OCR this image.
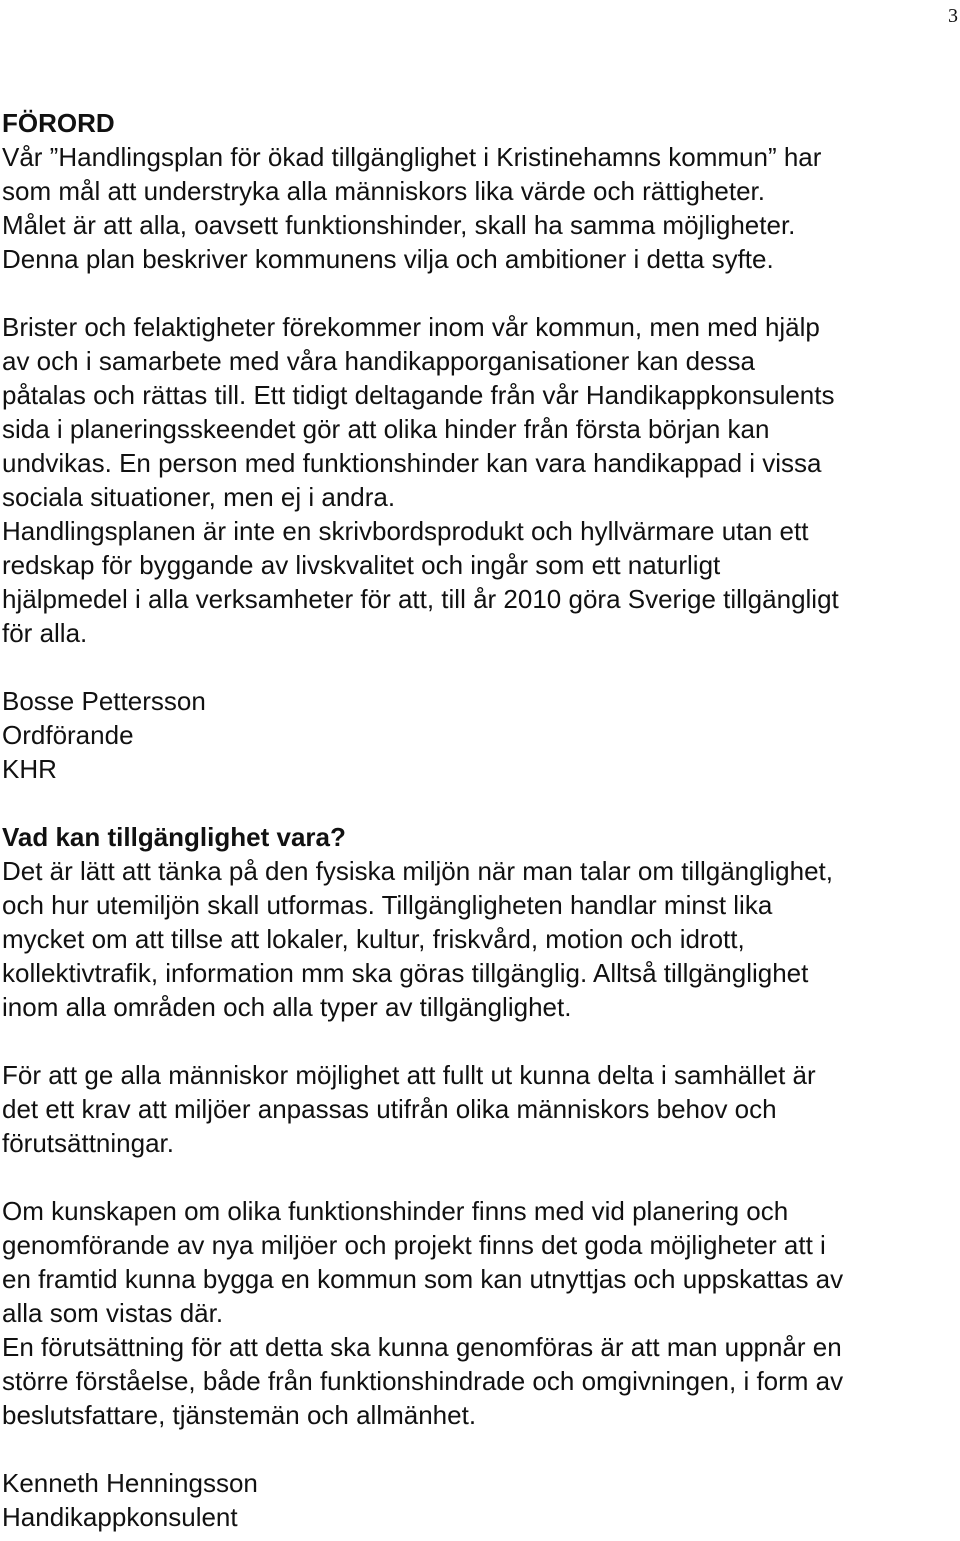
3
FÖRORD
Vår ”Handlingsplan för ökad tillgänglighet i Kristinehamns kommun” har
som mål att understryka alla människors lika värde och rättigheter.
Målet är att alla, oavsett funktionshinder, skall ha samma möjligheter.
Denna plan beskriver kommunens vilja och ambitioner i detta syfte.
Brister och felaktigheter förekommer inom vår kommun, men med hjälp
av och i samarbete med våra handikapporganisationer kan dessa
påtalas och rättas till. Ett tidigt deltagande från vår Handikappkonsulents
sida i planeringsskeendet gör att olika hinder från första början kan
undvikas. En person med funktionshinder kan vara handikappad i vissa
sociala situationer, men ej i andra.
Handlingsplanen är inte en skrivbordsprodukt och hyllvärmare utan ett
redskap för byggande av livskvalitet och ingår som ett naturligt
hjälpmedel i alla verksamheter för att, till år 2010 göra Sverige tillgängligt
för alla.
Bosse Pettersson
Ordförande
KHR
Vad kan tillgänglighet vara?
Det är lätt att tänka på den fysiska miljön när man talar om tillgänglighet,
och hur utemiljön skall utformas. Tillgängligheten handlar minst lika
mycket om att tillse att lokaler, kultur, friskvård, motion och idrott,
kollektivtrafik, information mm ska göras tillgänglig. Alltså tillgänglighet
inom alla områden och alla typer av tillgänglighet.
För att ge alla människor möjlighet att fullt ut kunna delta i samhället är
det ett krav att miljöer anpassas utifrån olika människors behov och
förutsättningar.
Om kunskapen om olika funktionshinder finns med vid planering och
genomförande av nya miljöer och projekt finns det goda möjligheter att i
en framtid kunna bygga en kommun som kan utnyttjas och uppskattas av
alla som vistas där.
En förutsättning för att detta ska kunna genomföras är att man uppnår en
större förståelse, både från funktionshindrade och omgivningen, i form av
beslutsfattare, tjänstemän och allmänhet.
Kenneth Henningsson
Handikappkonsulent
